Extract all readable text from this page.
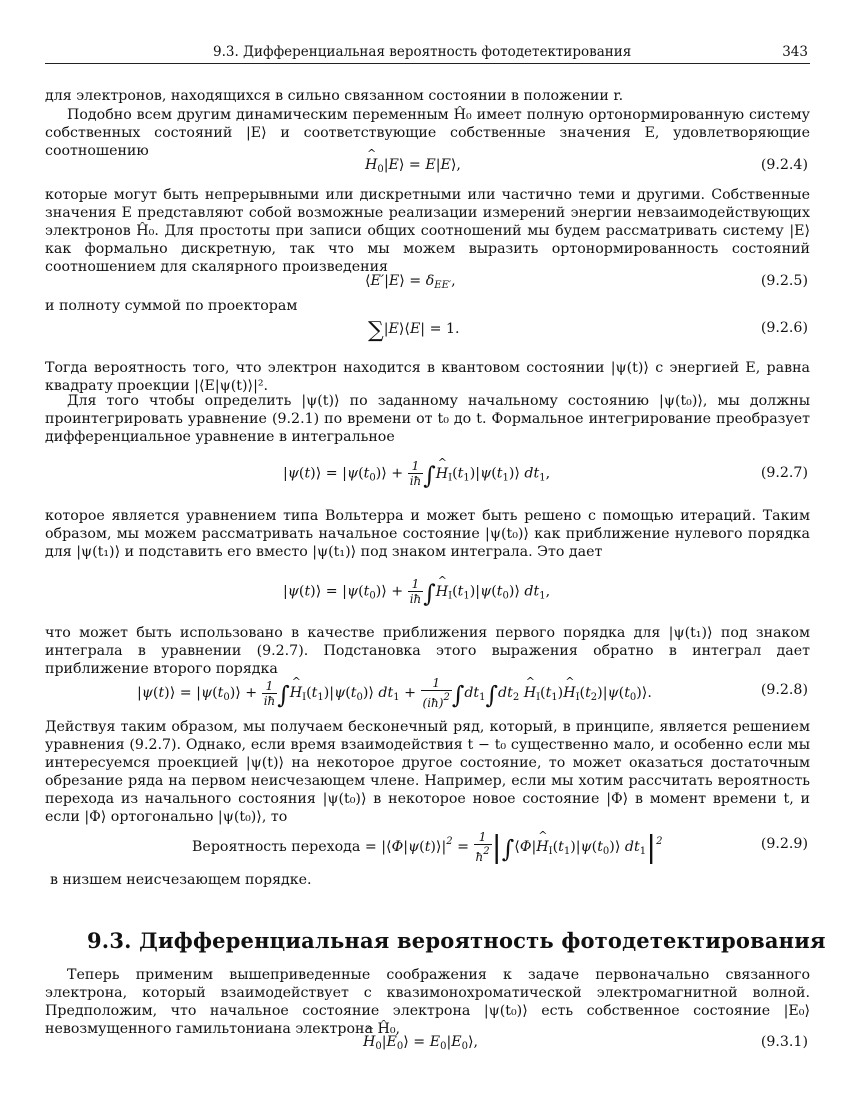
9.3. Дифференциальная вероятность фотодетектирования	343

для электронов, находящихся в сильно связанном состоянии в положении r.

Подобно всем другим динамическим переменным Ĥ₀ имеет полную ортонормированную систему собственных состояний |E⟩ и соответствующие собственные значения E, удовлетворяющие соотношению

^ $H_0|E⟩$ = E|E⟩,	(9.2.4)

которые могут быть непрерывными или дискретными или частично теми и другими. Собственные значения E представляют собой возможные реализации измерений энергии невзаимодействующих электронов Ĥ₀. Для простоты при записи общих соотношений мы будем рассматривать систему |E⟩ как формально дискретную, так что мы можем выразить ортонормированность состояний соотношением для скалярного произведения

⟨E′|E⟩ = $\delta_{EE'}$,	(9.2.5)

и полноту суммой по проекторам

∑|E⟩⟨E| = 1.	(9.2.6)

Тогда вероятность того, что электрон находится в квантовом состоянии |ψ(t)⟩ с энергией E, равна квадрату проекции |⟨E|ψ(t)⟩|².

Для того чтобы определить |ψ(t)⟩ по заданному начальному состоянию |ψ(t₀)⟩, мы должны проинтегрировать уравнение (9.2.1) по времени от t₀ до t. Формальное интегрирование преобразует дифференциальное уравнение в интегральное

|ψ(t)⟩ = $|\psi(t_0)⟩ + \frac{1}{iħ}$ ∫^ $H_I(t_1)|\psi(t_1)⟩$ $dt_1$,	(9.2.7)

которое является уравнением типа Вольтерра и может быть решено с помощью итераций. Таким образом, мы можем рассматривать начальное состояние |ψ(t₀)⟩ как приближение нулевого порядка для |ψ(t₁)⟩ и подставить его вместо |ψ(t₁)⟩ под знаком интеграла. Это дает

|ψ(t)⟩ = $|\psi(t_0)⟩ + \frac{1}{iħ}$ ∫^ $H_I(t_1)|\psi(t_0)⟩$ $dt_1$,

что может быть использовано в качестве приближения первого порядка для |ψ(t₁)⟩ под знаком интеграла в уравнении (9.2.7). Подстановка этого выражения обратно в интеграл дает приближение второго порядка

|ψ(t)⟩ = $|\psi(t_0)⟩ + \frac{1}{iħ}$ ∫^ $H_I(t_1)|\psi(t_0)⟩$ $dt_1 + \frac{1}{(iħ)^2} \int dt_1\int dt_2$ ^ $H_I(t_1)\^{}$ $H_I(t_2)|\psi(t_0)⟩$.	(9.2.8)

Действуя таким образом, мы получаем бесконечный ряд, который, в принципе, является решением уравнения (9.2.7). Однако, если время взаимодействия t − t₀ существенно мало, и особенно если мы интересуемся проекцией |ψ(t)⟩ на некоторое другое состояние, то может оказаться достаточным обрезание ряда на первом неисчезающем члене. Например, если мы хотим рассчитать вероятность перехода из начального состояния |ψ(t₀)⟩ в некоторое новое состояние |Φ⟩ в момент времени t, и если |Φ⟩ ортогонально |ψ(t₀)⟩, то

Вероятность перехода = $|⟨\Phi|\psi(t)⟩|^2 = \frac{1}{ħ^2}$ |∫⟨Φ|^ $H_I(t_1)|\psi(t_0)⟩$ $dt_1|^2$	(9.2.9)

в низшем неисчезающем порядке.

9.3. Дифференциальная вероятность фотодетектирования

Теперь применим вышеприведенные соображения к задаче первоначально связанного электрона, который взаимодействует с квазимонохроматической электромагнитной волной. Предположим, что начальное состояние электрона |ψ(t₀)⟩ есть собственное состояние |E₀⟩ невозмущенного гамильтониана электрона Ĥ₀,

^ $H_0|E_0⟩$ = $E_0|E_0⟩$,	(9.3.1)
